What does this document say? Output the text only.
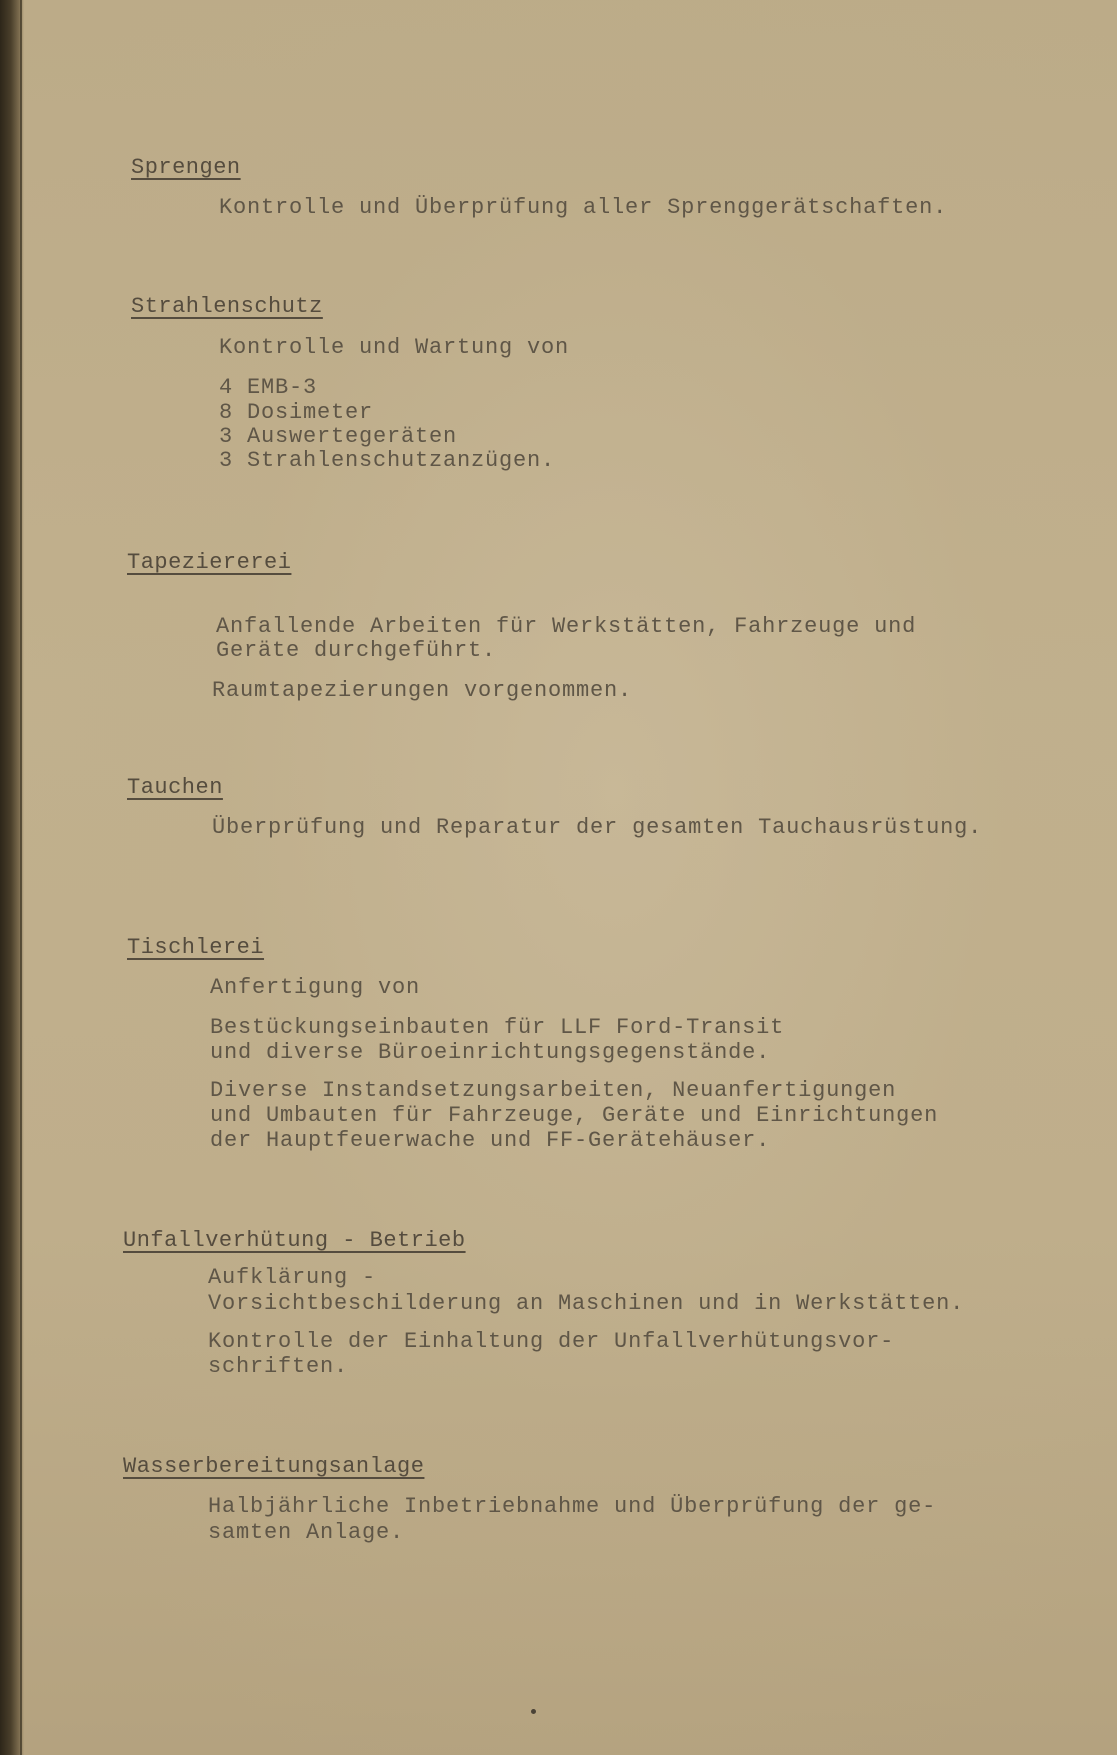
Sprengen
Kontrolle und Überprüfung aller Sprenggerätschaften.
Strahlenschutz
Kontrolle und Wartung von
4 EMB-3
8 Dosimeter
3 Auswertegeräten
3 Strahlenschutzanzügen.
Tapeziererei
Anfallende Arbeiten für Werkstätten, Fahrzeuge und
Geräte durchgeführt.
Raumtapezierungen vorgenommen.
Tauchen
Überprüfung und Reparatur der gesamten Tauchausrüstung.
Tischlerei
Anfertigung von
Bestückungseinbauten für LLF Ford-Transit
und diverse Büroeinrichtungsgegenstände.
Diverse Instandsetzungsarbeiten, Neuanfertigungen
und Umbauten für Fahrzeuge, Geräte und Einrichtungen
der Hauptfeuerwache und FF-Gerätehäuser.
Unfallverhütung - Betrieb
Aufklärung -
Vorsichtbeschilderung an Maschinen und in Werkstätten.
Kontrolle der Einhaltung der Unfallverhütungsvor-
schriften.
Wasserbereitungsanlage
Halbjährliche Inbetriebnahme und Überprüfung der ge-
samten Anlage.
